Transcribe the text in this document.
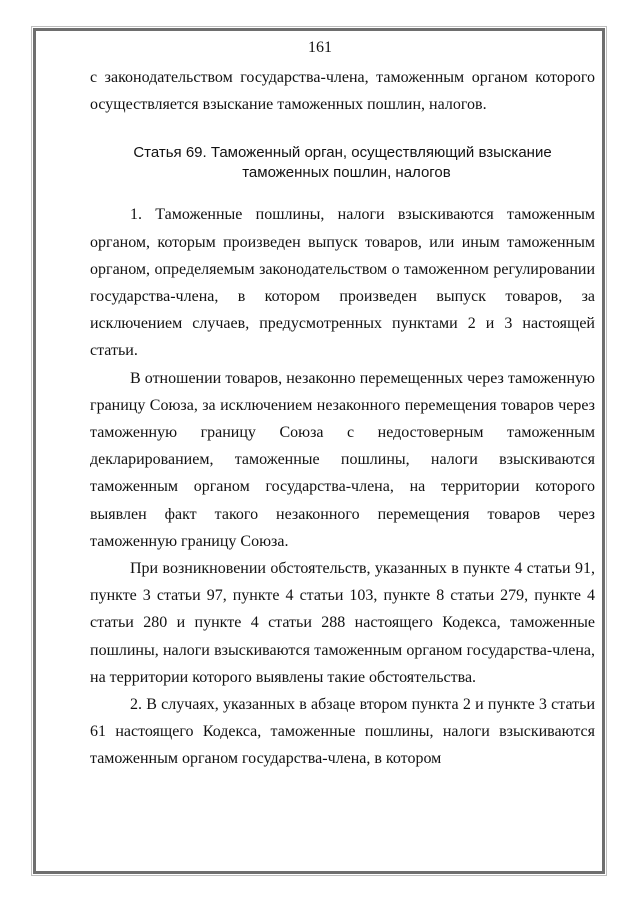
161

с законодательством государства-члена, таможенным органом которого осуществляется взыскание таможенных пошлин, налогов.

Статья 69. Таможенный орган, осуществляющий взыскание
таможенных пошлин, налогов

1. Таможенные пошлины, налоги взыскиваются таможенным органом, которым произведен выпуск товаров, или иным таможенным органом, определяемым законодательством о таможенном регулировании государства-члена, в котором произведен выпуск товаров, за исключением случаев, предусмотренных пунктами 2 и 3 настоящей статьи.

В отношении товаров, незаконно перемещенных через таможенную границу Союза, за исключением незаконного перемещения товаров через таможенную границу Союза с недостоверным таможенным декларированием, таможенные пошлины, налоги взыскиваются таможенным органом государства-члена, на территории которого выявлен факт такого незаконного перемещения товаров через таможенную границу Союза.

При возникновении обстоятельств, указанных в пункте 4 статьи 91, пункте 3 статьи 97, пункте 4 статьи 103, пункте 8 статьи 279, пункте 4 статьи 280 и пункте 4 статьи 288 настоящего Кодекса, таможенные пошлины, налоги взыскиваются таможенным органом государства-члена, на территории которого выявлены такие обстоятельства.

2. В случаях, указанных в абзаце втором пункта 2 и пункте 3 статьи 61 настоящего Кодекса, таможенные пошлины, налоги взыскиваются таможенным органом государства-члена, в котором
